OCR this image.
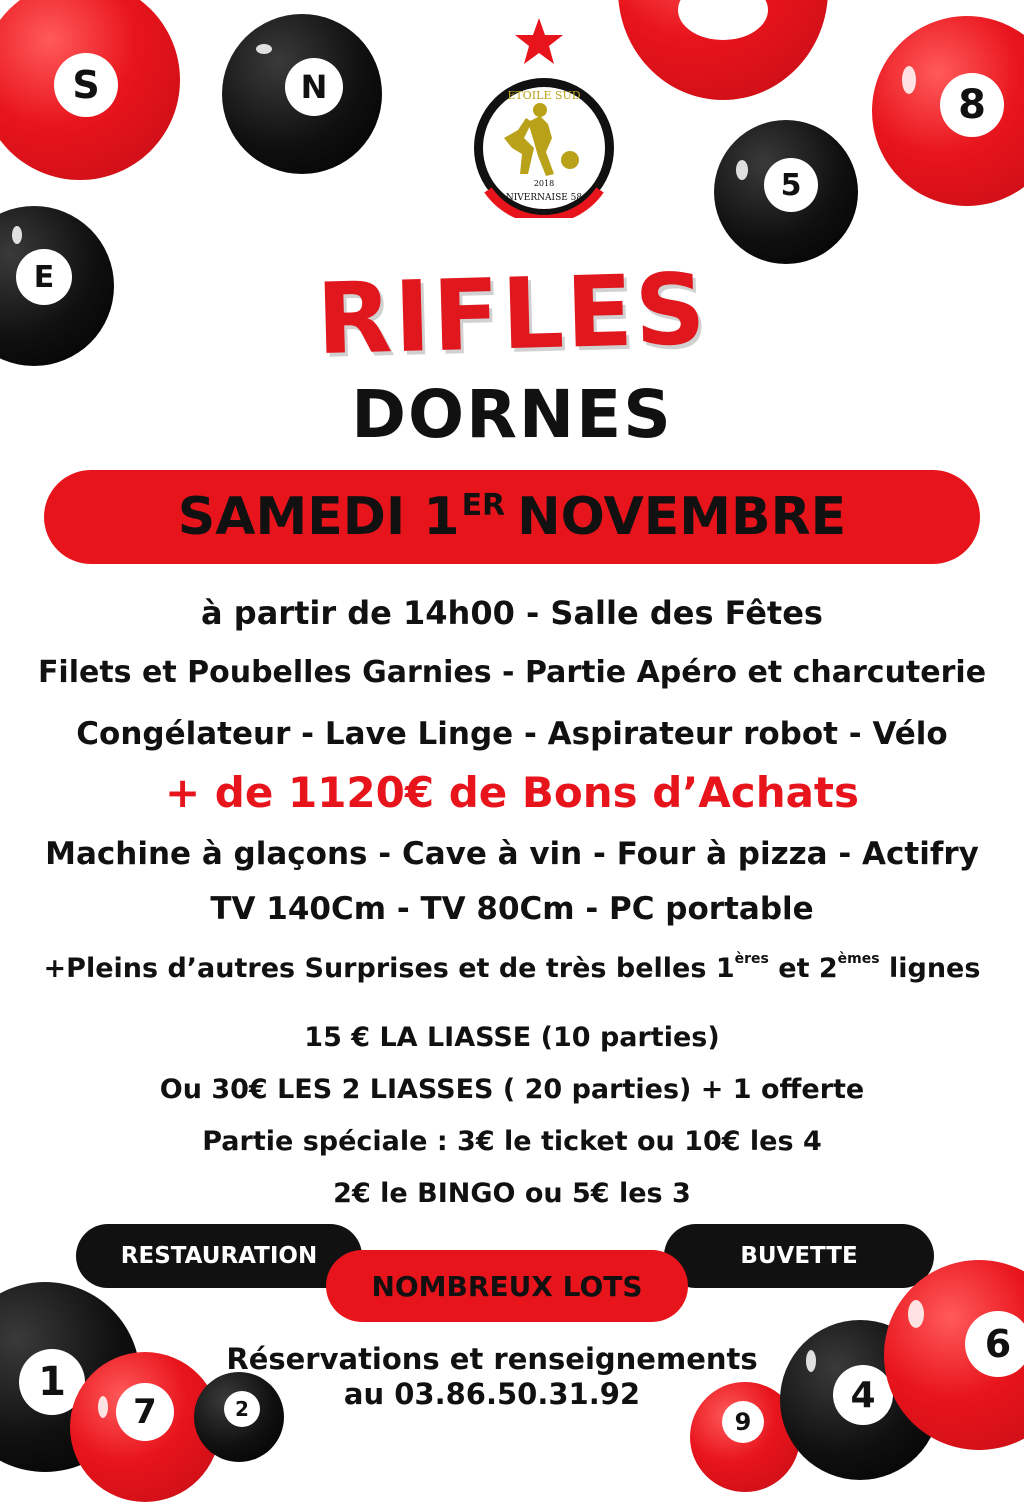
S	N	8
5
E
ETOILE SUD
2018
NIVERNAISE 58
RIFLES
DORNES
SAMEDI 1ER NOVEMBRE
à partir de 14h00 - Salle des Fêtes
Filets et Poubelles Garnies - Partie Apéro et charcuterie
Congélateur - Lave Linge - Aspirateur robot - Vélo
+ de 1120€ de Bons d’Achats
Machine à glaçons - Cave à vin - Four à pizza - Actifry
TV 140Cm - TV 80Cm - PC portable
+Pleins d’autres Surprises et de très belles 1ères et 2èmes lignes
15 € LA LIASSE (10 parties)
Ou 30€ LES 2 LIASSES ( 20 parties) + 1 offerte
Partie spéciale : 3€ le ticket ou 10€ les 4
2€ le BINGO ou 5€ les 3
RESTAURATION	BUVETTE
NOMBREUX LOTS
1
7	2	9
4
6
Réservations et renseignements
au 03.86.50.31.92
